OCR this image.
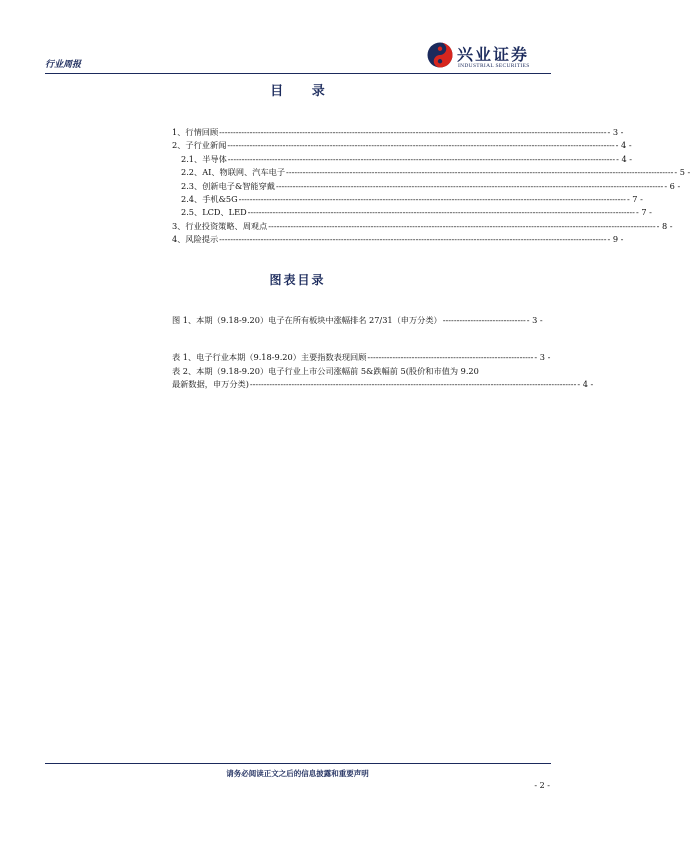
行业周报
兴业证券
INDUSTRIAL SECURITIES
目 录
1、行情回顾 -------------------------------------------------------------------------------------------------------------------------------------------- - 3 -
2、子行业新闻 -------------------------------------------------------------------------------------------------------------------------------------------- - 4 -
2.1、半导体 -------------------------------------------------------------------------------------------------------------------------------------------- - 4 -
2.2、AI、物联网、汽车电子 -------------------------------------------------------------------------------------------------------------------------------------------- - 5 -
2.3、创新电子&智能穿戴 -------------------------------------------------------------------------------------------------------------------------------------------- - 6 -
2.4、手机&5G -------------------------------------------------------------------------------------------------------------------------------------------- - 7 -
2.5、LCD、LED -------------------------------------------------------------------------------------------------------------------------------------------- - 7 -
3、行业投资策略、周观点 -------------------------------------------------------------------------------------------------------------------------------------------- - 8 -
4、风险提示 -------------------------------------------------------------------------------------------------------------------------------------------- - 9 -
图表目录
图 1、本期（9.18-9.20）电子在所有板块中涨幅排名 27/31（申万分类） ------------------------------ - 3 -
表 1、电子行业本期（9.18-9.20）主要指数表现回顾 ------------------------------------------------------------ - 3 -
表 2、本期（9.18-9.20）电子行业上市公司涨幅前 5&跌幅前 5(股价和市值为 9.20
最新数据，申万分类) ---------------------------------------------------------------------------------------------------------------------- - 4 -
请务必阅读正文之后的信息披露和重要声明
- 2 -
